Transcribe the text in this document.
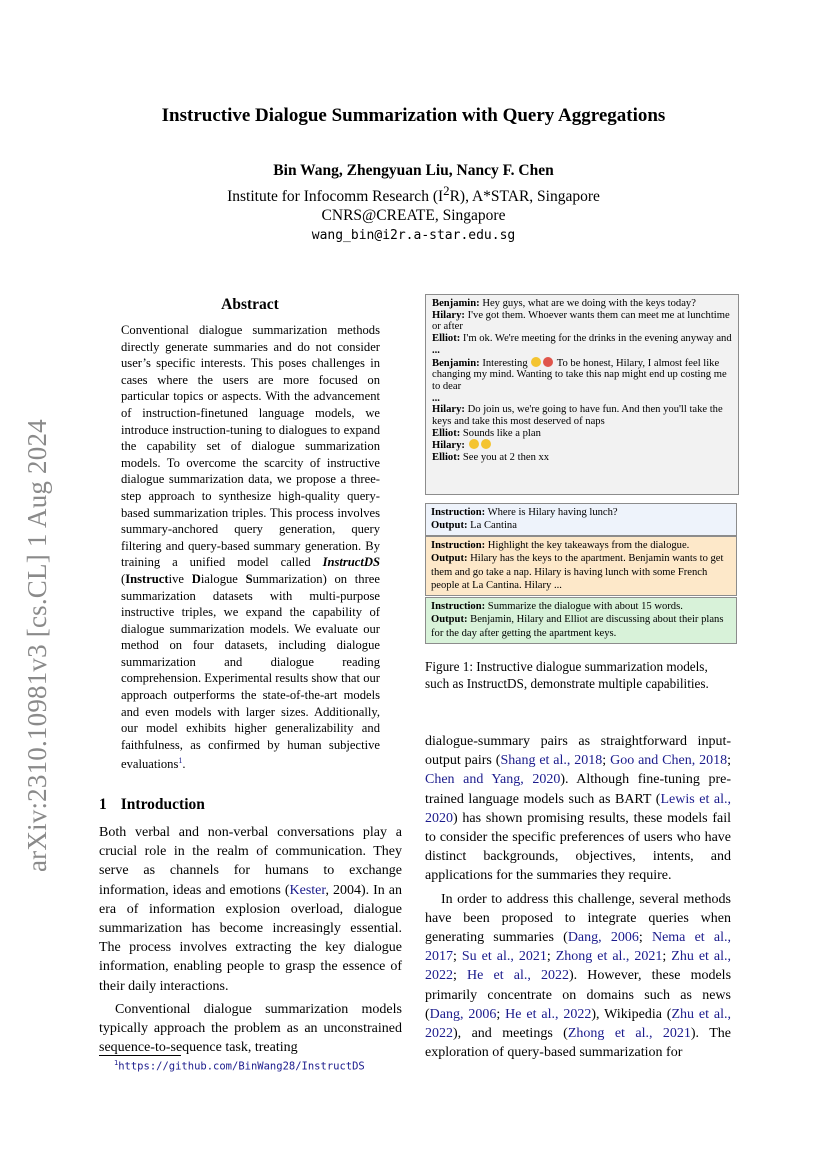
Instructive Dialogue Summarization with Query Aggregations
Bin Wang, Zhengyuan Liu, Nancy F. Chen
Institute for Infocomm Research $(I^2R)$, A*STAR, Singapore
CNRS@CREATE, Singapore
wang_bin@i2r.a-star.edu.sg
arXiv:2310.10981v3 [cs.CL] 1 Aug 2024
Abstract
Conventional dialogue summarization methods directly generate summaries and do not consider user’s specific interests. This poses challenges in cases where the users are more focused on particular topics or aspects. With the advancement of instruction-finetuned language models, we introduce instruction-tuning to dialogues to expand the capability set of dialogue summarization models. To overcome the scarcity of instructive dialogue summarization data, we propose a three-step approach to synthesize high-quality query-based summarization triples. This process involves summary-anchored query generation, query filtering and query-based summary generation. By training a unified model called InstructDS (Instructive Dialogue Summarization) on three summarization datasets with multi-purpose instructive triples, we expand the capability of dialogue summarization models. We evaluate our method on four datasets, including dialogue summarization and dialogue reading comprehension. Experimental results show that our approach outperforms the state-of-the-art models and even models with larger sizes. Additionally, our model exhibits higher generalizability and faithfulness, as confirmed by human subjective evaluations$^1$.
1 Introduction

Both verbal and non-verbal conversations play a crucial role in the realm of communication. They serve as channels for humans to exchange information, ideas and emotions (Kester, 2004). In an era of information explosion overload, dialogue summarization has become increasingly essential. The process involves extracting the key dialogue information, enabling people to grasp the essence of their daily interactions.

Conventional dialogue summarization models typically approach the problem as an unconstrained sequence-to-sequence task, treating

$^1$https://github.com/BinWang28/InstructDS
Benjamin: Hey guys, what are we doing with the keys today?
Hilary: I've got them. Whoever wants them can meet me at lunchtime or after
Elliot: I'm ok. We're meeting for the drinks in the evening anyway and
...
Benjamin: Interesting	To be honest, Hilary, I almost feel like changing my mind. Wanting to take this nap might end up costing me to dear
...
Hilary: Do join us, we're going to have fun. And then you'll take the keys and take this most deserved of naps
Elliot: Sounds like a plan
Hilary:
Elliot: See you at 2 then xx
Instruction: Where is Hilary having lunch?
Output: La Cantina
Instruction: Highlight the key takeaways from the dialogue.
Output: Hilary has the keys to the apartment. Benjamin wants to get them and go take a nap. Hilary is having lunch with some French people at La Cantina. Hilary ...
Instruction: Summarize the dialogue with about 15 words.
Output: Benjamin, Hilary and Elliot are discussing about their plans for the day after getting the apartment keys.
Figure 1: Instructive dialogue summarization models, such as InstructDS, demonstrate multiple capabilities.

dialogue-summary pairs as straightforward input-output pairs (Shang et al., 2018; Goo and Chen, 2018; Chen and Yang, 2020). Although fine-tuning pre-trained language models such as BART (Lewis et al., 2020) has shown promising results, these models fail to consider the specific preferences of users who have distinct backgrounds, objectives, intents, and applications for the summaries they require.

In order to address this challenge, several methods have been proposed to integrate queries when generating summaries (Dang, 2006; Nema et al., 2017; Su et al., 2021; Zhong et al., 2021; Zhu et al., 2022; He et al., 2022). However, these models primarily concentrate on domains such as news (Dang, 2006; He et al., 2022), Wikipedia (Zhu et al., 2022), and meetings (Zhong et al., 2021). The exploration of query-based summarization for
